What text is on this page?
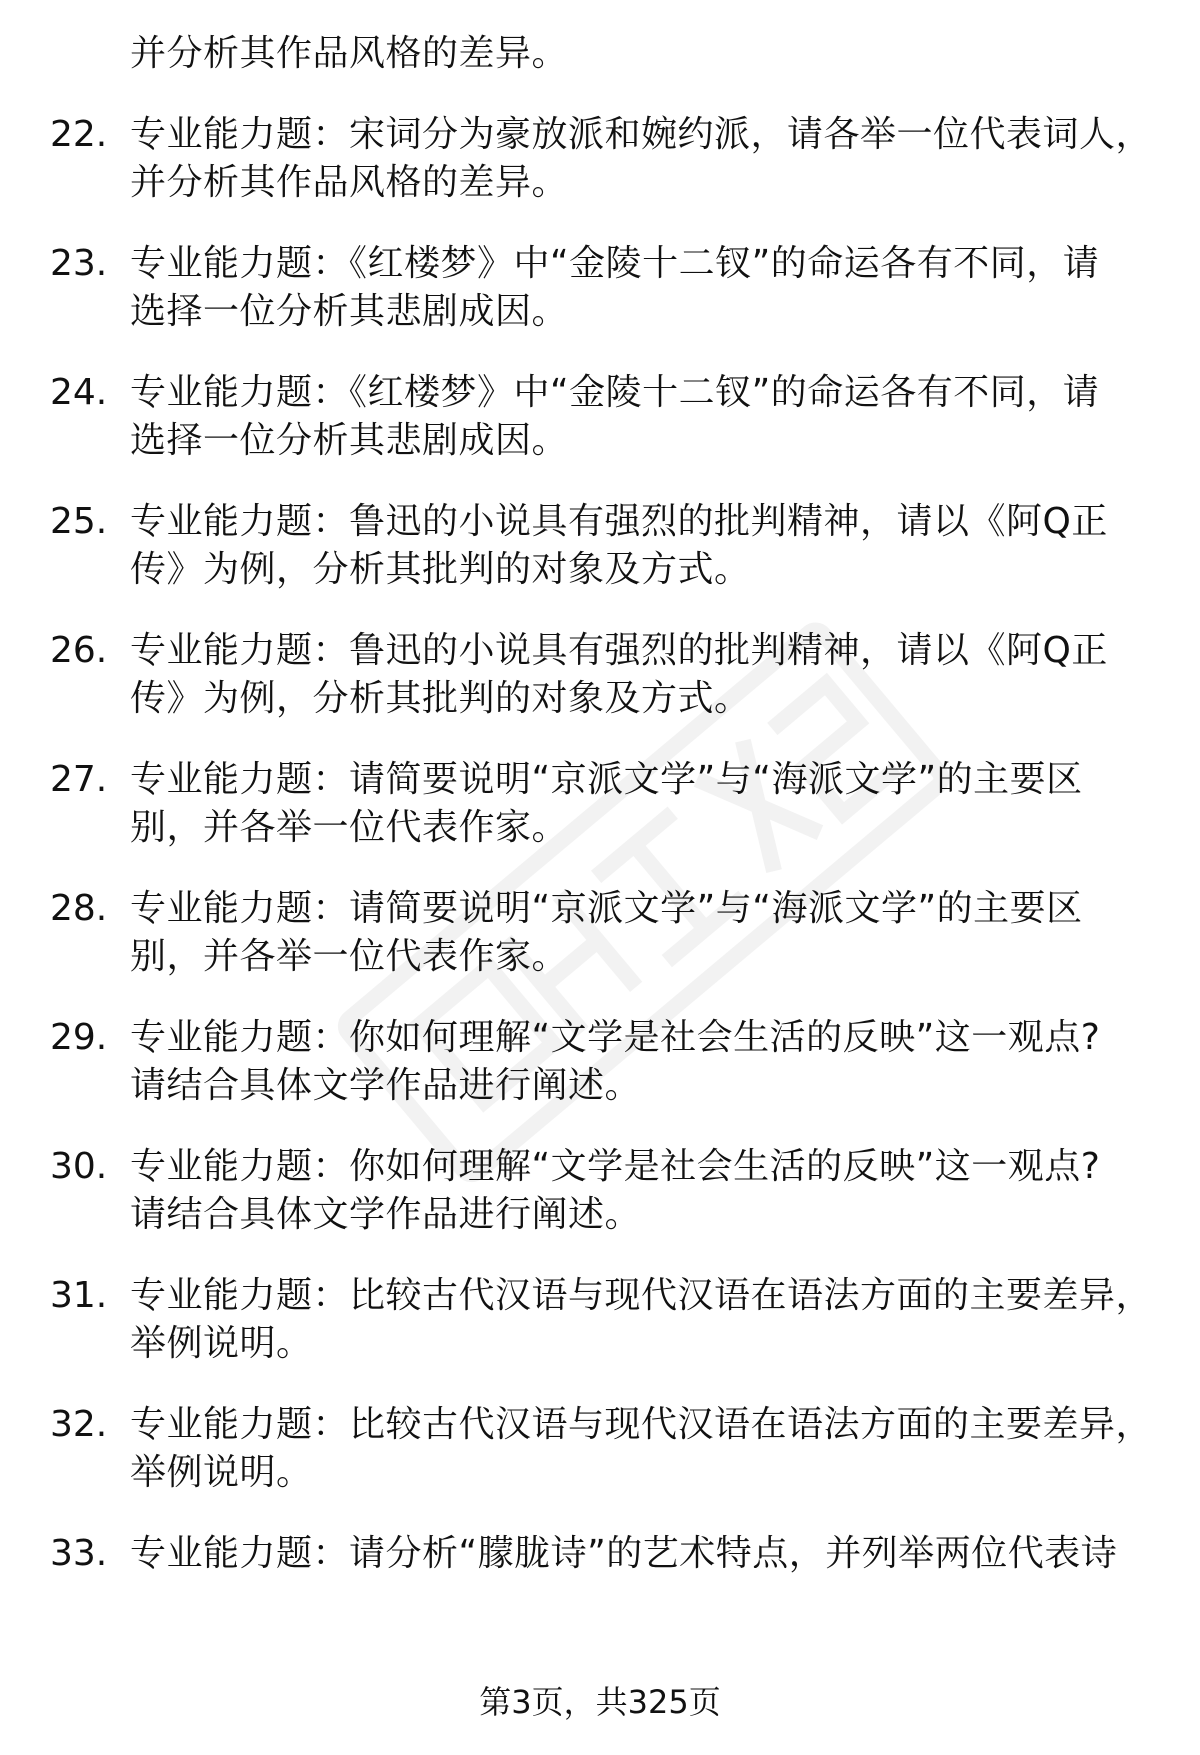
并分析其作品风格的差异。
22. 专业能力题：宋词分为豪放派和婉约派，请各举一位代表词人，
并分析其作品风格的差异。
23. 专业能力题：《红楼梦》中“金陵十二钗”的命运各有不同，请
选择一位分析其悲剧成因。
24. 专业能力题：《红楼梦》中“金陵十二钗”的命运各有不同，请
选择一位分析其悲剧成因。
25. 专业能力题：鲁迅的小说具有强烈的批判精神，请以《阿Q正
传》为例，分析其批判的对象及方式。
26. 专业能力题：鲁迅的小说具有强烈的批判精神，请以《阿Q正
传》为例，分析其批判的对象及方式。
27. 专业能力题：请简要说明“京派文学”与“海派文学”的主要区
别，并各举一位代表作家。
28. 专业能力题：请简要说明“京派文学”与“海派文学”的主要区
别，并各举一位代表作家。
29. 专业能力题：你如何理解“文学是社会生活的反映”这一观点?
请结合具体文学作品进行阐述。
30. 专业能力题：你如何理解“文学是社会生活的反映”这一观点?
请结合具体文学作品进行阐述。
31. 专业能力题：比较古代汉语与现代汉语在语法方面的主要差异，
举例说明。
32. 专业能力题：比较古代汉语与现代汉语在语法方面的主要差异，
举例说明。
33. 专业能力题：请分析“朦胧诗”的艺术特点，并列举两位代表诗
第3页，共325页
